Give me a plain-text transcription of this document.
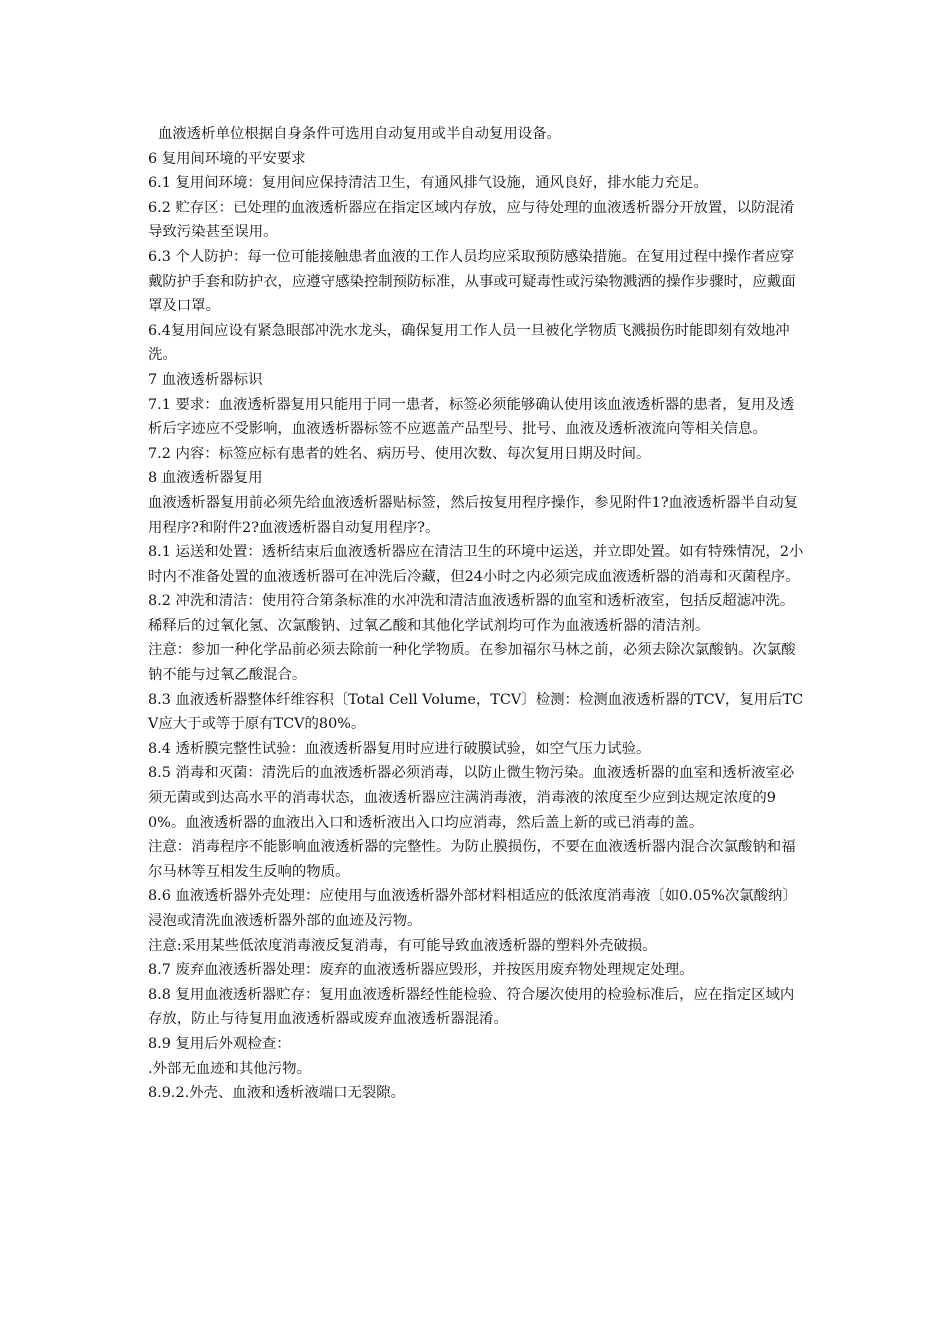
血液透析单位根据自身条件可选用自动复用或半自动复用设备。

6 复用间环境的平安要求

6.1 复用间环境：复用间应保持清洁卫生，有通风排气设施，通风良好，排水能力充足。

6.2 贮存区：已处理的血液透析器应在指定区域内存放，应与待处理的血液透析器分开放置，以防混淆导致污染甚至误用。

6.3 个人防护：每一位可能接触患者血液的工作人员均应采取预防感染措施。在复用过程中操作者应穿戴防护手套和防护衣，应遵守感染控制预防标准，从事或可疑毒性或污染物溅洒的操作步骤时，应戴面罩及口罩。

6.4复用间应设有紧急眼部冲洗水龙头，确保复用工作人员一旦被化学物质飞溅损伤时能即刻有效地冲洗。

7 血液透析器标识

7.1 要求：血液透析器复用只能用于同一患者，标签必须能够确认使用该血液透析器的患者，复用及透析后字迹应不受影响，血液透析器标签不应遮盖产品型号、批号、血液及透析液流向等相关信息。

7.2 内容：标签应标有患者的姓名、病历号、使用次数、每次复用日期及时间。

8 血液透析器复用

血液透析器复用前必须先给血液透析器贴标签，然后按复用程序操作，参见附件1?血液透析器半自动复用程序?和附件2?血液透析器自动复用程序?。

8.1 运送和处置：透析结束后血液透析器应在清洁卫生的环境中运送，并立即处置。如有特殊情况，2小时内不准备处置的血液透析器可在冲洗后冷藏，但24小时之内必须完成血液透析器的消毒和灭菌程序。

8.2 冲洗和清洁：使用符合第条标准的水冲洗和清洁血液透析器的血室和透析液室，包括反超滤冲洗。稀释后的过氧化氢、次氯酸钠、过氧乙酸和其他化学试剂均可作为血液透析器的清洁剂。

注意：参加一种化学品前必须去除前一种化学物质。在参加福尔马林之前，必须去除次氯酸钠。次氯酸钠不能与过氧乙酸混合。

8.3 血液透析器整体纤维容积〔Total Cell Volume，TCV〕检测：检测血液透析器的TCV，复用后TCV应大于或等于原有TCV的80%。

8.4 透析膜完整性试验：血液透析器复用时应进行破膜试验，如空气压力试验。

8.5 消毒和灭菌：清洗后的血液透析器必须消毒，以防止微生物污染。血液透析器的血室和透析液室必须无菌或到达高水平的消毒状态，血液透析器应注满消毒液，消毒液的浓度至少应到达规定浓度的90%。血液透析器的血液出入口和透析液出入口均应消毒，然后盖上新的或已消毒的盖。

注意：消毒程序不能影响血液透析器的完整性。为防止膜损伤，不要在血液透析器内混合次氯酸钠和福尔马林等互相发生反响的物质。

8.6 血液透析器外壳处理：应使用与血液透析器外部材料相适应的低浓度消毒液〔如0.05%次氯酸纳〕浸泡或清洗血液透析器外部的血迹及污物。

注意:采用某些低浓度消毒液反复消毒，有可能导致血液透析器的塑料外壳破损。

8.7 废弃血液透析器处理：废弃的血液透析器应毁形，并按医用废弃物处理规定处理。

8.8 复用血液透析器贮存：复用血液透析器经性能检验、符合屡次使用的检验标准后，应在指定区域内存放，防止与待复用血液透析器或废弃血液透析器混淆。

8.9 复用后外观检查：

.外部无血迹和其他污物。

8.9.2.外壳、血液和透析液端口无裂隙。
